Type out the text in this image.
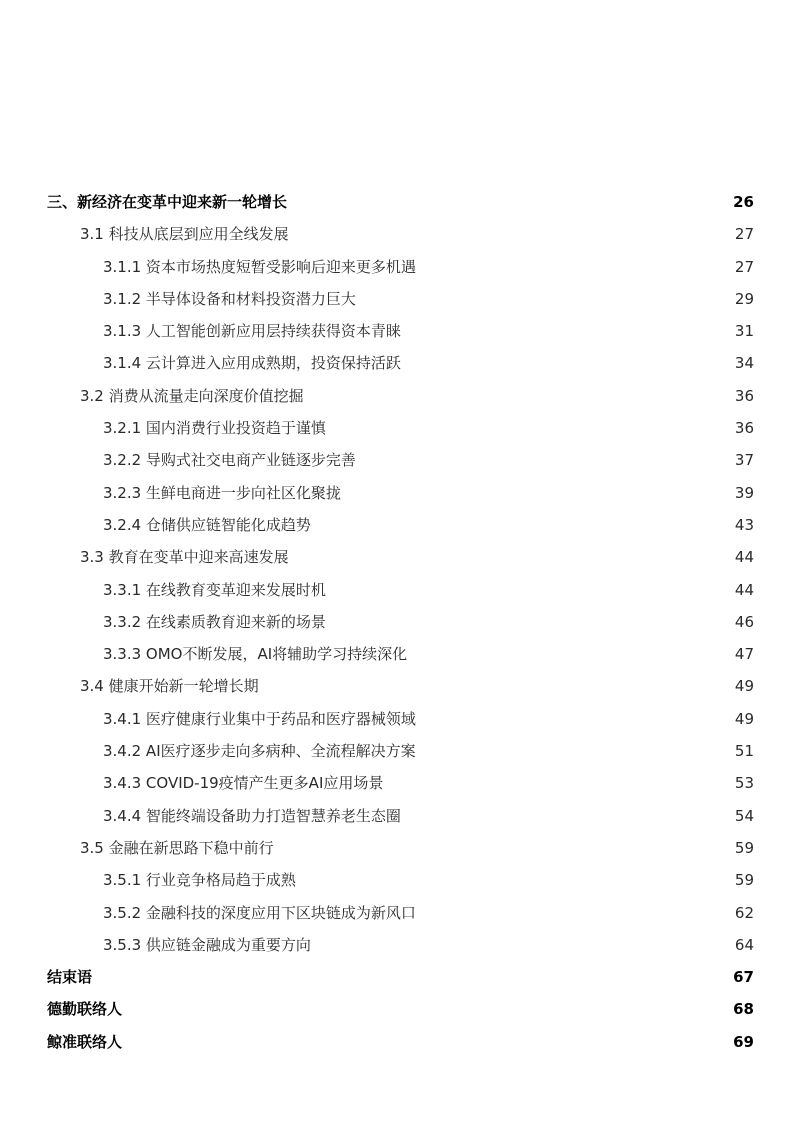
三、新经济在变革中迎来新一轮增长	26
3.1 科技从底层到应用全线发展	27
3.1.1 资本市场热度短暂受影响后迎来更多机遇	27
3.1.2 半导体设备和材料投资潜力巨大	29
3.1.3 人工智能创新应用层持续获得资本青睐	31
3.1.4 云计算进入应用成熟期，投资保持活跃	34
3.2 消费从流量走向深度价值挖掘	36
3.2.1 国内消费行业投资趋于谨慎	36
3.2.2 导购式社交电商产业链逐步完善	37
3.2.3 生鲜电商进一步向社区化聚拢	39
3.2.4 仓储供应链智能化成趋势	43
3.3 教育在变革中迎来高速发展	44
3.3.1 在线教育变革迎来发展时机	44
3.3.2 在线素质教育迎来新的场景	46
3.3.3 OMO不断发展，AI将辅助学习持续深化	47
3.4 健康开始新一轮增长期	49
3.4.1 医疗健康行业集中于药品和医疗器械领域	49
3.4.2 AI医疗逐步走向多病种、全流程解决方案	51
3.4.3 COVID-19疫情产生更多AI应用场景	53
3.4.4 智能终端设备助力打造智慧养老生态圈	54
3.5 金融在新思路下稳中前行	59
3.5.1 行业竞争格局趋于成熟	59
3.5.2 金融科技的深度应用下区块链成为新风口	62
3.5.3 供应链金融成为重要方向	64
结束语	67
德勤联络人	68
鲸准联络人	69
